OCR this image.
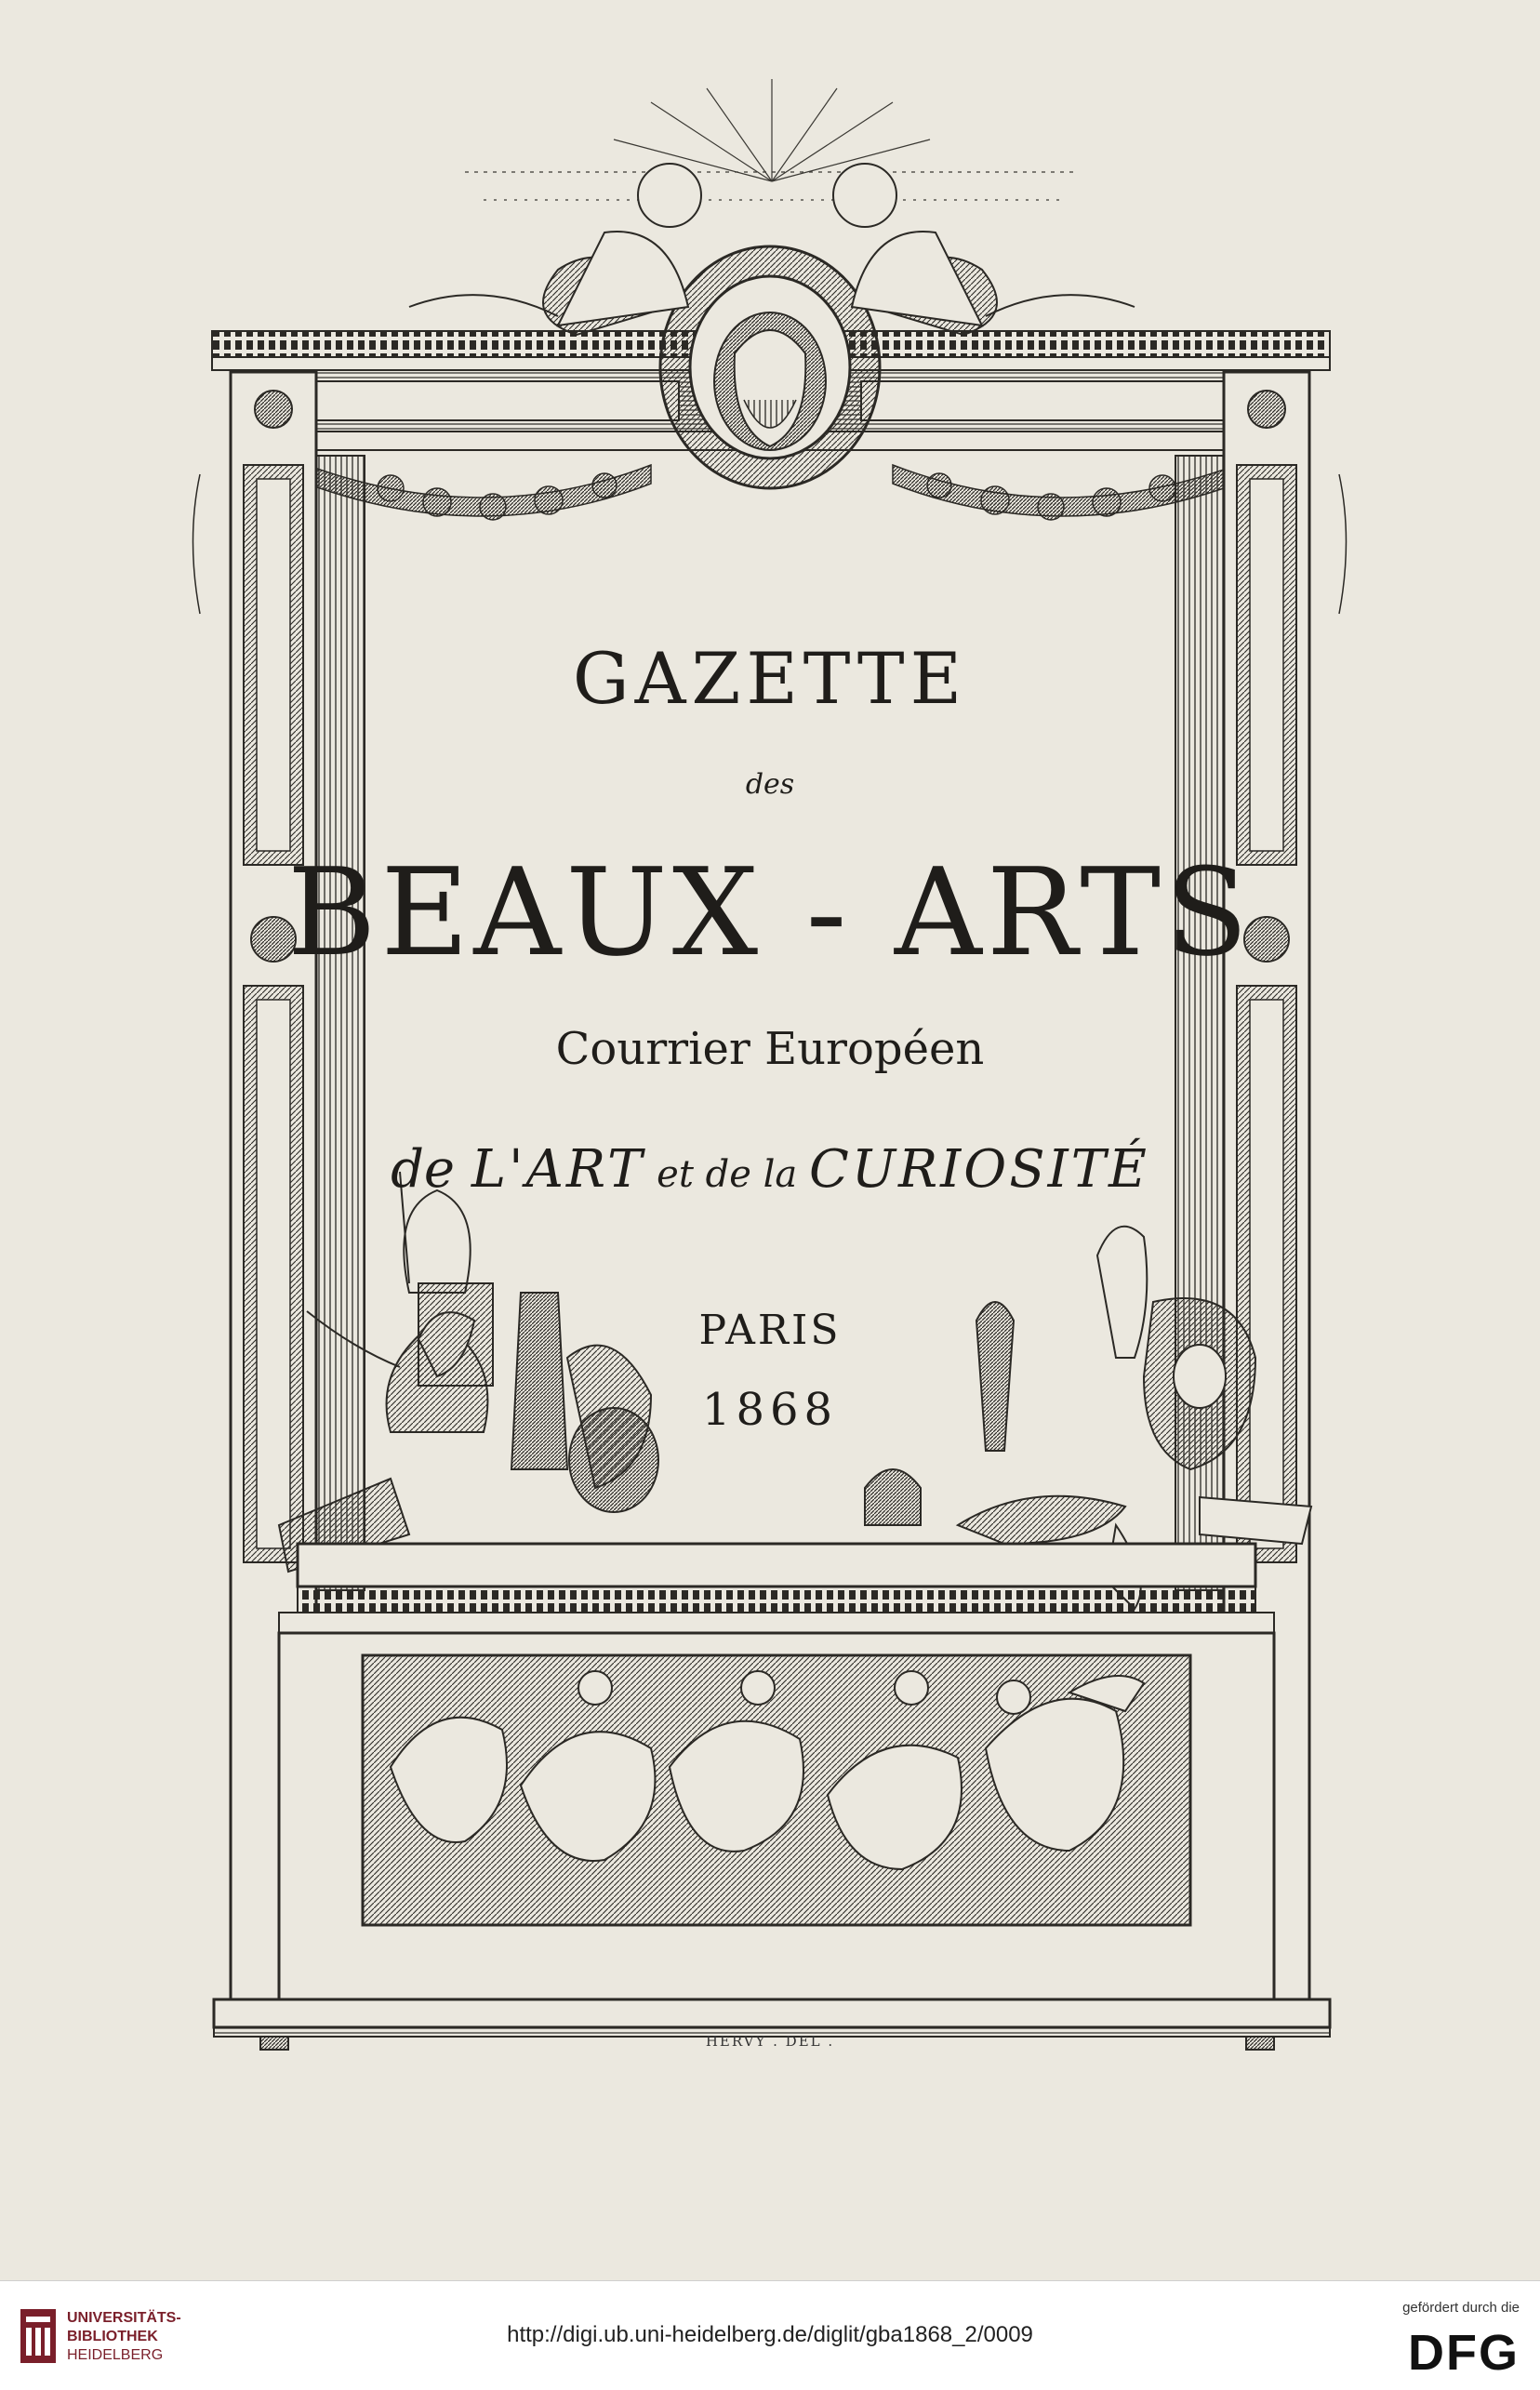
GAZETTE
des
BEAUX - ARTS
Courrier Européen
de L'ART et de la CURIOSITÉ
PARIS
1868
HERVY . DEL .
UNIVERSITÄTS-
BIBLIOTHEK
HEIDELBERG
http://digi.ub.uni-heidelberg.de/diglit/gba1868_2/0009
gefördert durch die
DFG
